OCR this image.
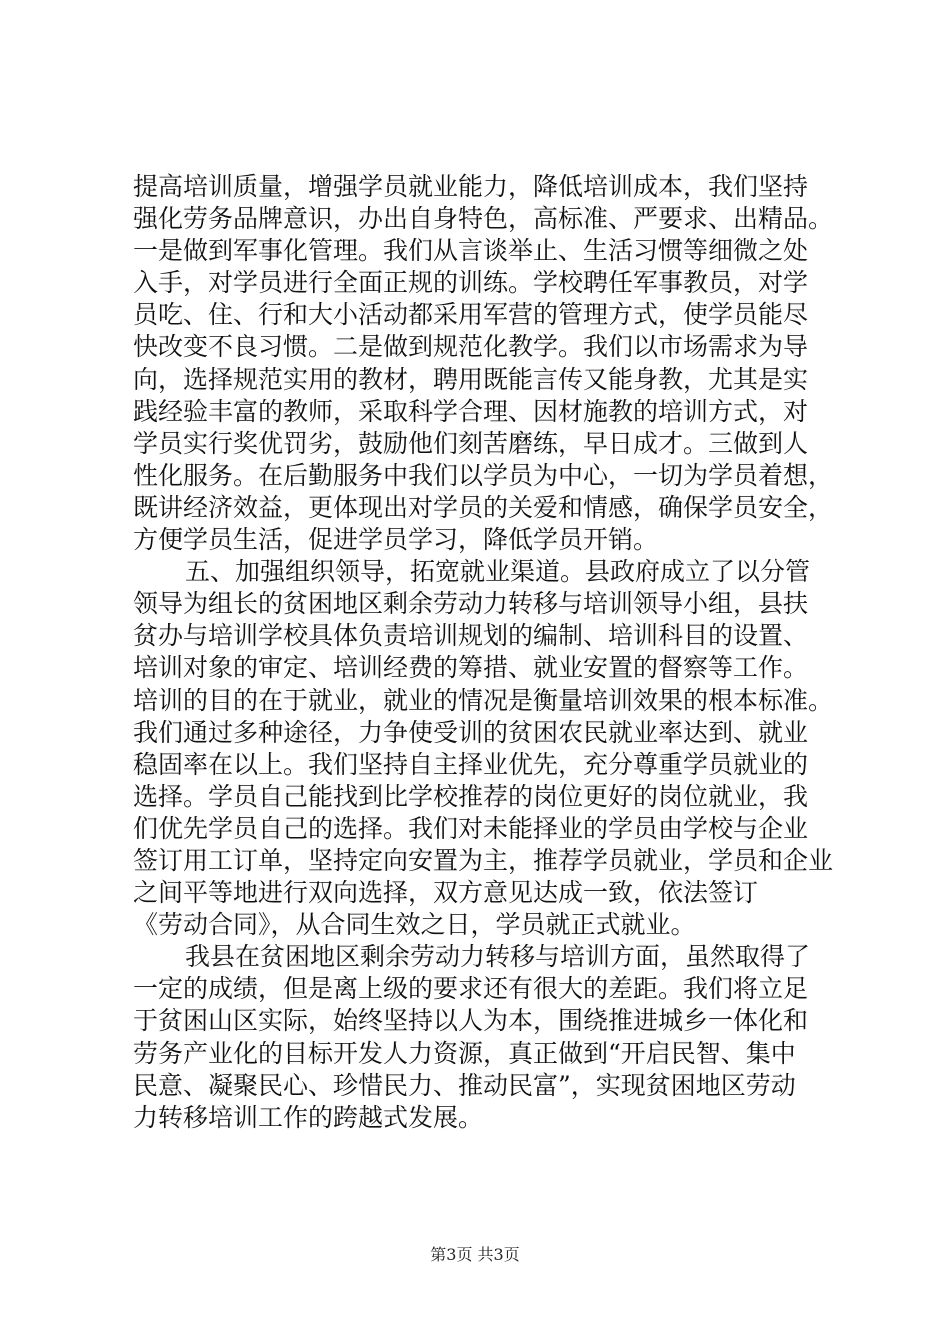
提高培训质量，增强学员就业能力，降低培训成本，我们坚持
强化劳务品牌意识，办出自身特色，高标准、严要求、出精品。
一是做到军事化管理。我们从言谈举止、生活习惯等细微之处
入手，对学员进行全面正规的训练。学校聘任军事教员，对学
员吃、住、行和大小活动都采用军营的管理方式，使学员能尽
快改变不良习惯。二是做到规范化教学。我们以市场需求为导
向，选择规范实用的教材，聘用既能言传又能身教，尤其是实
践经验丰富的教师，采取科学合理、因材施教的培训方式，对
学员实行奖优罚劣，鼓励他们刻苦磨练，早日成才。三做到人
性化服务。在后勤服务中我们以学员为中心，一切为学员着想，
既讲经济效益，更体现出对学员的关爱和情感，确保学员安全，
方便学员生活，促进学员学习，降低学员开销。
五、加强组织领导，拓宽就业渠道。县政府成立了以分管
领导为组长的贫困地区剩余劳动力转移与培训领导小组，县扶
贫办与培训学校具体负责培训规划的编制、培训科目的设置、
培训对象的审定、培训经费的筹措、就业安置的督察等工作。
培训的目的在于就业，就业的情况是衡量培训效果的根本标准。
我们通过多种途径，力争使受训的贫困农民就业率达到、就业
稳固率在以上。我们坚持自主择业优先，充分尊重学员就业的
选择。学员自己能找到比学校推荐的岗位更好的岗位就业，我
们优先学员自己的选择。我们对未能择业的学员由学校与企业
签订用工订单，坚持定向安置为主，推荐学员就业，学员和企业
之间平等地进行双向选择，双方意见达成一致，依法签订
《劳动合同》，从合同生效之日，学员就正式就业。
我县在贫困地区剩余劳动力转移与培训方面，虽然取得了
一定的成绩，但是离上级的要求还有很大的差距。我们将立足
于贫困山区实际，始终坚持以人为本，围绕推进城乡一体化和
劳务产业化的目标开发人力资源，真正做到“开启民智、集中
民意、凝聚民心、珍惜民力、推动民富”，实现贫困地区劳动
力转移培训工作的跨越式发展。
第3页 共3页
